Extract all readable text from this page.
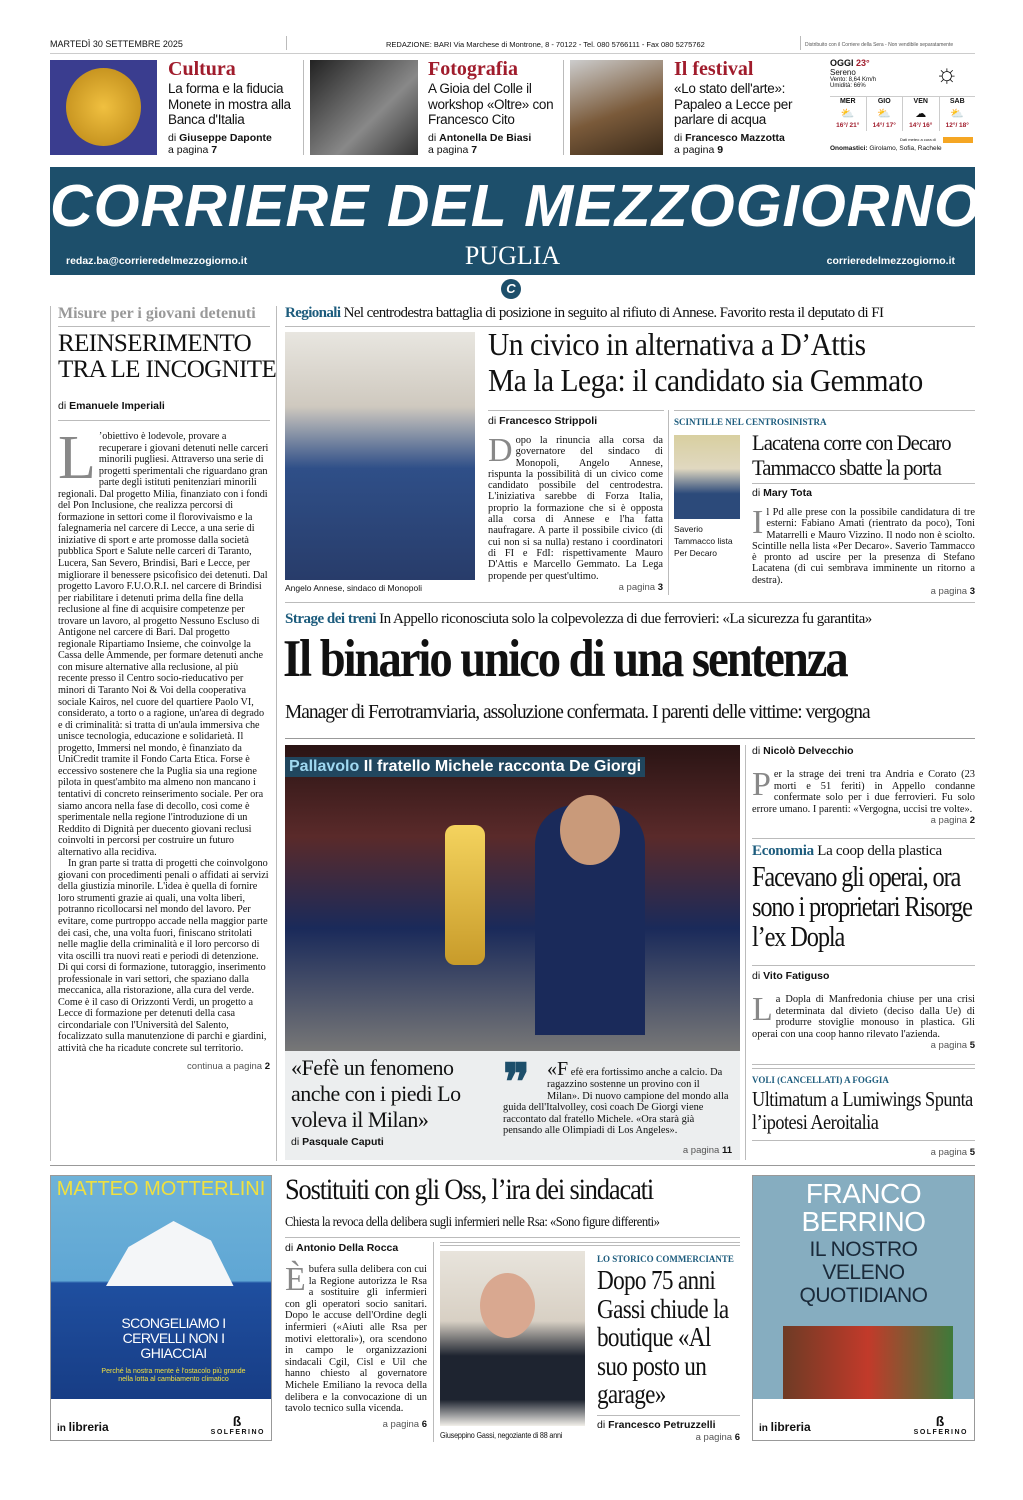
MARTEDÌ 30 SETTEMBRE 2025	REDAZIONE: BARI Via Marchese di Montrone, 8 - 70122 - Tel. 080 5766111 - Fax 080 5275762	Distribuito con il Corriere della Sera - Non vendibile separatamente
Cultura
La forma e la fiducia Monete in mostra alla Banca d'Italia
di Giuseppe Daponte
a pagina 7
Fotografia
A Gioia del Colle il workshop «Oltre» con Francesco Cito
di Antonella De Biasi
a pagina 7
Il festival
«Lo stato dell'arte»: Papaleo a Lecce per parlare di acqua
di Francesco Mazzotta
a pagina 9
OGGI 23°
Sereno
Vento: 8,64 Km/h
Umidità: 66%	☼
MER
⛅
16°/ 21°
GIO
⛅
14°/ 17°
VEN
☁
14°/ 16°
SAB
⛅
12°/ 18°
Dati meteo a cura di
Onomastici: Girolamo, Sofia, Rachele
CORRIERE DEL MEZZOGIORNO
redaz.ba@corrieredelmezzogiorno.it	PUGLIA	corrieredelmezzogiorno.it
C
Misure per i giovani detenuti
REINSERIMENTO
TRA LE INCOGNITE
di Emanuele Imperiali
L ’obiettivo è lodevole, provare a recuperare i giovani detenuti nelle carceri minorili pugliesi. Attraverso una serie di progetti sperimentali che riguardano gran parte degli istituti penitenziari minorili regionali. Dal progetto Milia, finanziato con i fondi del Pon Inclusione, che realizza percorsi di formazione in settori come il florovivaismo e la falegnameria nel carcere di Lecce, a una serie di iniziative di sport e arte promosse dalla società pubblica Sport e Salute nelle carceri di Taranto, Lucera, San Severo, Brindisi, Bari e Lecce, per migliorare il benessere psicofisico dei detenuti. Dal progetto Lavoro F.U.O.R.I. nel carcere di Brindisi per riabilitare i detenuti prima della fine della reclusione al fine di acquisire competenze per trovare un lavoro, al progetto Nessuno Escluso di Antigone nel carcere di Bari. Dal progetto regionale Ripartiamo Insieme, che coinvolge la Cassa delle Ammende, per formare detenuti anche con misure alternative alla reclusione, al più recente presso il Centro socio-rieducativo per minori di Taranto Noi & Voi della cooperativa sociale Kairos, nel cuore del quartiere Paolo VI, considerato, a torto o a ragione, un'area di degrado e di criminalità: si tratta di un'aula immersiva che unisce tecnologia, educazione e solidarietà. Il progetto, Immersi nel mondo, è finanziato da UniCredit tramite il Fondo Carta Etica. Forse è eccessivo sostenere che la Puglia sia una regione pilota in quest'ambito ma almeno non mancano i tentativi di concreto reinserimento sociale. Per ora siamo ancora nella fase di decollo, così come è sperimentale nella regione l'introduzione di un Reddito di Dignità per duecento giovani reclusi coinvolti in percorsi per costruire un futuro alternativo alla recidiva.
In gran parte si tratta di progetti che coinvolgono giovani con procedimenti penali o affidati ai servizi della giustizia minorile. L'idea è quella di fornire loro strumenti grazie ai quali, una volta liberi, potranno ricollocarsi nel mondo del lavoro. Per evitare, come purtroppo accade nella maggior parte dei casi, che, una volta fuori, finiscano stritolati nelle maglie della criminalità e il loro percorso di vita oscilli tra nuovi reati e periodi di detenzione. Di qui corsi di formazione, tutoraggio, inserimento professionale in vari settori, che spaziano dalla meccanica, alla ristorazione, alla cura del verde. Come è il caso di Orizzonti Verdi, un progetto a Lecce di formazione per detenuti della casa circondariale con l'Università del Salento, focalizzato sulla manutenzione di parchi e giardini, attività che ha ricadute concrete sul territorio.
continua a pagina 2
Regionali Nel centrodestra battaglia di posizione in seguito al rifiuto di Annese. Favorito resta il deputato di FI
Angelo Annese, sindaco di Monopoli
Un civico in alternativa a D’Attis
Ma la Lega: il candidato sia Gemmato
di Francesco Strippoli
Dopo la rinuncia alla corsa da governatore del sindaco di Monopoli, Angelo Annese, rispunta la possibilità di un civico come candidato possibile del centrodestra. L'iniziativa sarebbe di Forza Italia, proprio la formazione che si è opposta alla corsa di Annese e l'ha fatta naufragare. A parte il possibile civico (di cui non si sa nulla) restano i coordinatori di FI e FdI: rispettivamente Mauro D'Attis e Marcello Gemmato. La Lega propende per quest'ultimo.
a pagina 3
SCINTILLE NEL CENTROSINISTRA
Saverio Tammacco lista Per Decaro
Lacatena corre con Decaro
Tammacco sbatte la porta
di Mary Tota
Il Pd alle prese con la possibile candidatura di tre esterni: Fabiano Amati (rientrato da poco), Toni Matarrelli e Mauro Vizzino. Il nodo non è sciolto. Scintille nella lista «Per Decaro». Saverio Tammacco è pronto ad uscire per la presenza di Stefano Lacatena (di cui sembrava imminente un ritorno a destra).
a pagina 3
Strage dei treni In Appello riconosciuta solo la colpevolezza di due ferrovieri: «La sicurezza fu garantita»
Il binario unico di una sentenza
Manager di Ferrotramviaria, assoluzione confermata. I parenti delle vittime: vergogna
Pallavolo Il fratello Michele racconta De Giorgi
«Fefè un fenomeno anche con i piedi Lo voleva il Milan»
di Pasquale Caputi
❞ «F efè era fortissimo anche a calcio. Da ragazzino sostenne un provino con il Milan». Di nuovo campione del mondo alla guida dell'Italvolley, così coach De Giorgi viene raccontato dal fratello Michele. «Ora starà già pensando alle Olimpiadi di Los Angeles».
a pagina 11
di Nicolò Delvecchio
Per la strage dei treni tra Andria e Corato (23 morti e 51 feriti) in Appello condanne confermate solo per i due ferrovieri. Fu solo errore umano. I parenti: «Vergogna, uccisi tre volte».
a pagina 2
Economia La coop della plastica
Facevano gli operai, ora sono i proprietari Risorge l’ex Dopla
di Vito Fatiguso
La Dopla di Manfredonia chiuse per una crisi determinata dal divieto (deciso dalla Ue) di produrre stoviglie monouso in plastica. Gli operai con una coop hanno rilevato l'azienda.
a pagina 5
VOLI (CANCELLATI) A FOGGIA
Ultimatum a Lumiwings Spunta l’ipotesi Aeroitalia
a pagina 5
Sostituiti con gli Oss, l’ira dei sindacati
Chiesta la revoca della delibera sugli infermieri nelle Rsa: «Sono figure differenti»
di Antonio Della Rocca
Èbufera sulla delibera con cui la Regione autorizza le Rsa a sostituire gli infermieri con gli operatori socio sanitari. Dopo le accuse dell'Ordine degli infermieri («Aiuti alle Rsa per motivi elettorali»), ora scendono in campo le organizzazioni sindacali Cgil, Cisl e Uil che hanno chiesto al governatore Michele Emiliano la revoca della delibera e la convocazione di un tavolo tecnico sulla vicenda.
a pagina 6
Giuseppino Gassi, negoziante di 88 anni
LO STORICO COMMERCIANTE
Dopo 75 anni Gassi chiude la boutique «Al suo posto un garage»
di Francesco Petruzzelli
a pagina 6
MATTEO MOTTERLINI
SCONGELIAMO I CERVELLI NON I GHIACCIAI
Perché la nostra mente è l'ostacolo più grande nella lotta al cambiamento climatico
in libreria	ß
SOLFERINO
FRANCO BERRINO
IL NOSTRO VELENO QUOTIDIANO
in libreria	ß
SOLFERINO
